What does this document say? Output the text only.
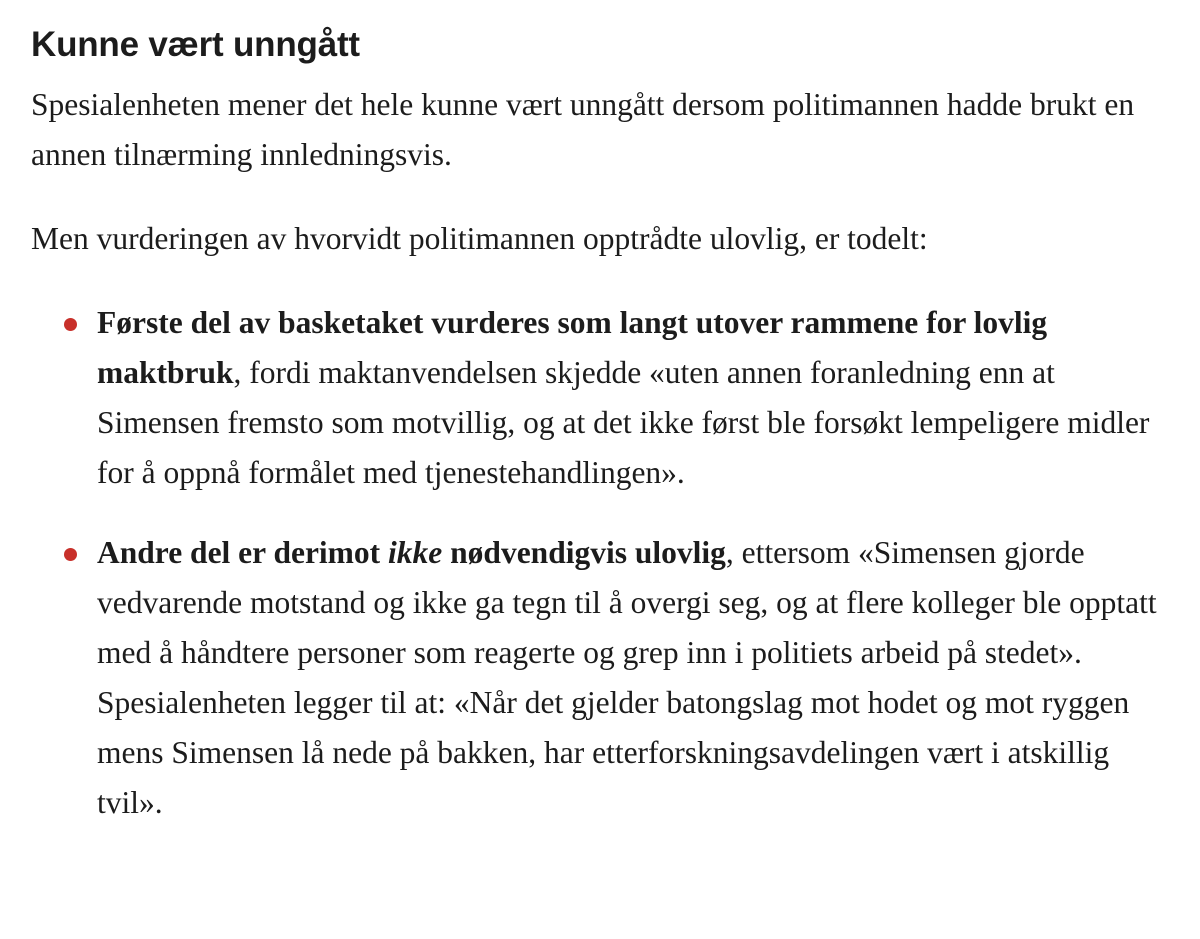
Kunne vært unngått

Spesialenheten mener det hele kunne vært unngått dersom politimannen hadde brukt en annen tilnærming innledningsvis.

Men vurderingen av hvorvidt politimannen opptrådte ulovlig, er todelt:

Første del av basketaket vurderes som langt utover rammene for lovlig maktbruk, fordi maktanvendelsen skjedde «uten annen foranledning enn at Simensen fremsto som motvillig, og at det ikke først ble forsøkt lempeligere midler for å oppnå formålet med tjenestehandlingen».
Andre del er derimot ikke nødvendigvis ulovlig, ettersom «Simensen gjorde vedvarende motstand og ikke ga tegn til å overgi seg, og at flere kolleger ble opptatt med å håndtere personer som reagerte og grep inn i politiets arbeid på stedet». Spesialenheten legger til at: «Når det gjelder batongslag mot hodet og mot ryggen mens Simensen lå nede på bakken, har etterforskningsavdelingen vært i atskillig tvil».
